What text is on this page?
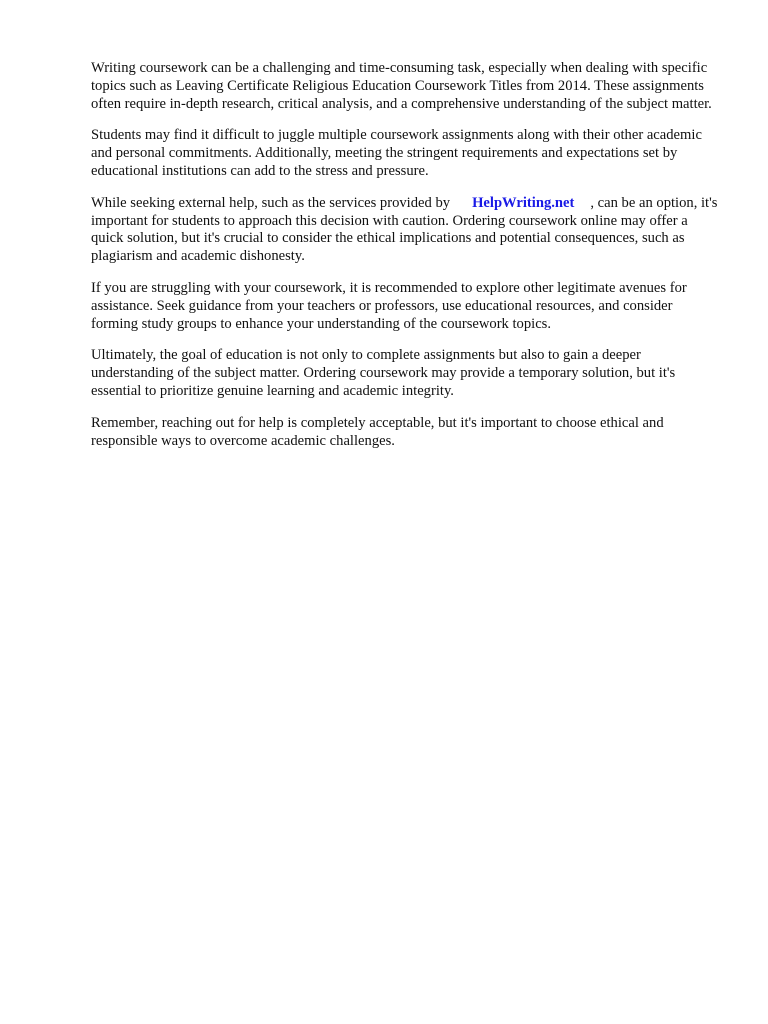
Writing coursework can be a challenging and time-consuming task, especially when dealing with specific topics such as Leaving Certificate Religious Education Coursework Titles from 2014. These assignments often require in-depth research, critical analysis, and a comprehensive understanding of the subject matter.

Students may find it difficult to juggle multiple coursework assignments along with their other academic and personal commitments. Additionally, meeting the stringent requirements and expectations set by educational institutions can add to the stress and pressure.

While seeking external help, such as the services provided by HelpWriting.net , can be an option, it's important for students to approach this decision with caution. Ordering coursework online may offer a quick solution, but it's crucial to consider the ethical implications and potential consequences, such as plagiarism and academic dishonesty.

If you are struggling with your coursework, it is recommended to explore other legitimate avenues for assistance. Seek guidance from your teachers or professors, use educational resources, and consider forming study groups to enhance your understanding of the coursework topics.

Ultimately, the goal of education is not only to complete assignments but also to gain a deeper understanding of the subject matter. Ordering coursework may provide a temporary solution, but it's essential to prioritize genuine learning and academic integrity.

Remember, reaching out for help is completely acceptable, but it's important to choose ethical and responsible ways to overcome academic challenges.
